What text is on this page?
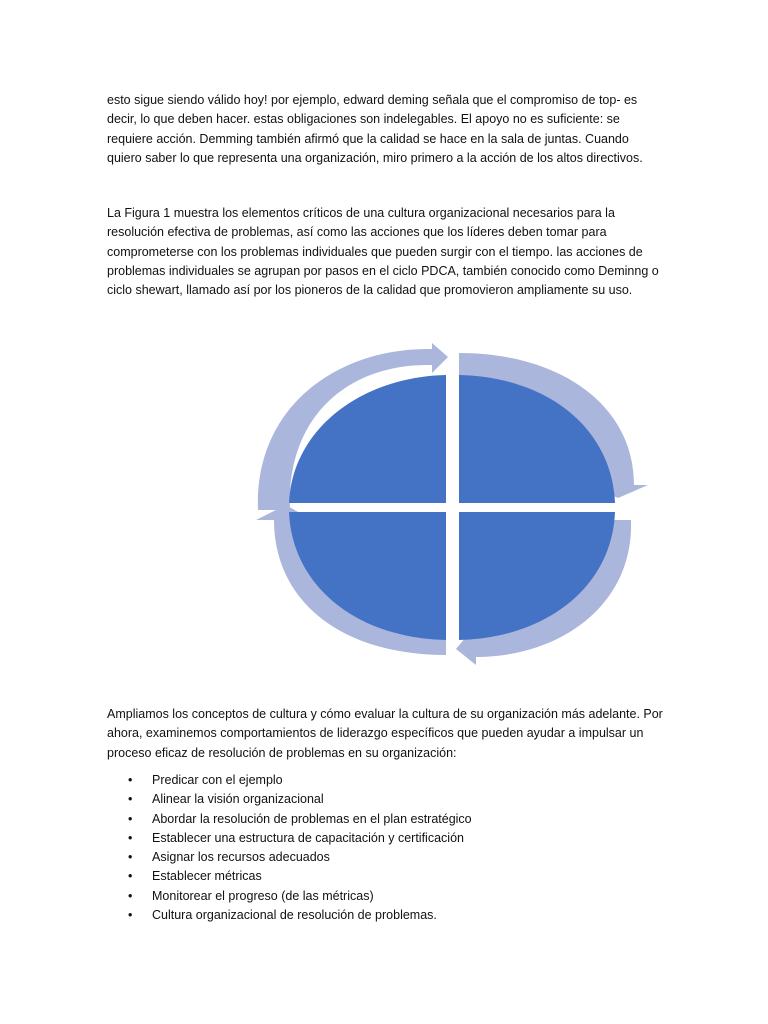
esto sigue siendo válido hoy! por ejemplo, edward deming señala que el compromiso de top- es decir, lo que deben hacer. estas obligaciones son indelegables. El apoyo no es suficiente: se requiere acción. Demming también afirmó que la calidad se hace en la sala de juntas. Cuando quiero saber lo que representa una organización, miro primero a la acción de los altos directivos.

La Figura 1 muestra los elementos críticos de una cultura organizacional necesarios para la resolución efectiva de problemas, así como las acciones que los líderes deben tomar para comprometerse con los problemas individuales que pueden surgir con el tiempo. las acciones de problemas individuales se agrupan por pasos en el ciclo PDCA, también conocido como Deminng o ciclo shewart, llamado así por los pioneros de la calidad que promovieron ampliamente su uso.

Ampliamos los conceptos de cultura y cómo evaluar la cultura de su organización más adelante. Por ahora, examinemos comportamientos de liderazgo específicos que pueden ayudar a impulsar un proceso eficaz de resolución de problemas en su organización:

• Predicar con el ejemplo
• Alinear la visión organizacional
• Abordar la resolución de problemas en el plan estratégico
• Establecer una estructura de capacitación y certificación
• Asignar los recursos adecuados
• Establecer métricas
• Monitorear el progreso (de las métricas)
• Cultura organizacional de resolución de problemas.
